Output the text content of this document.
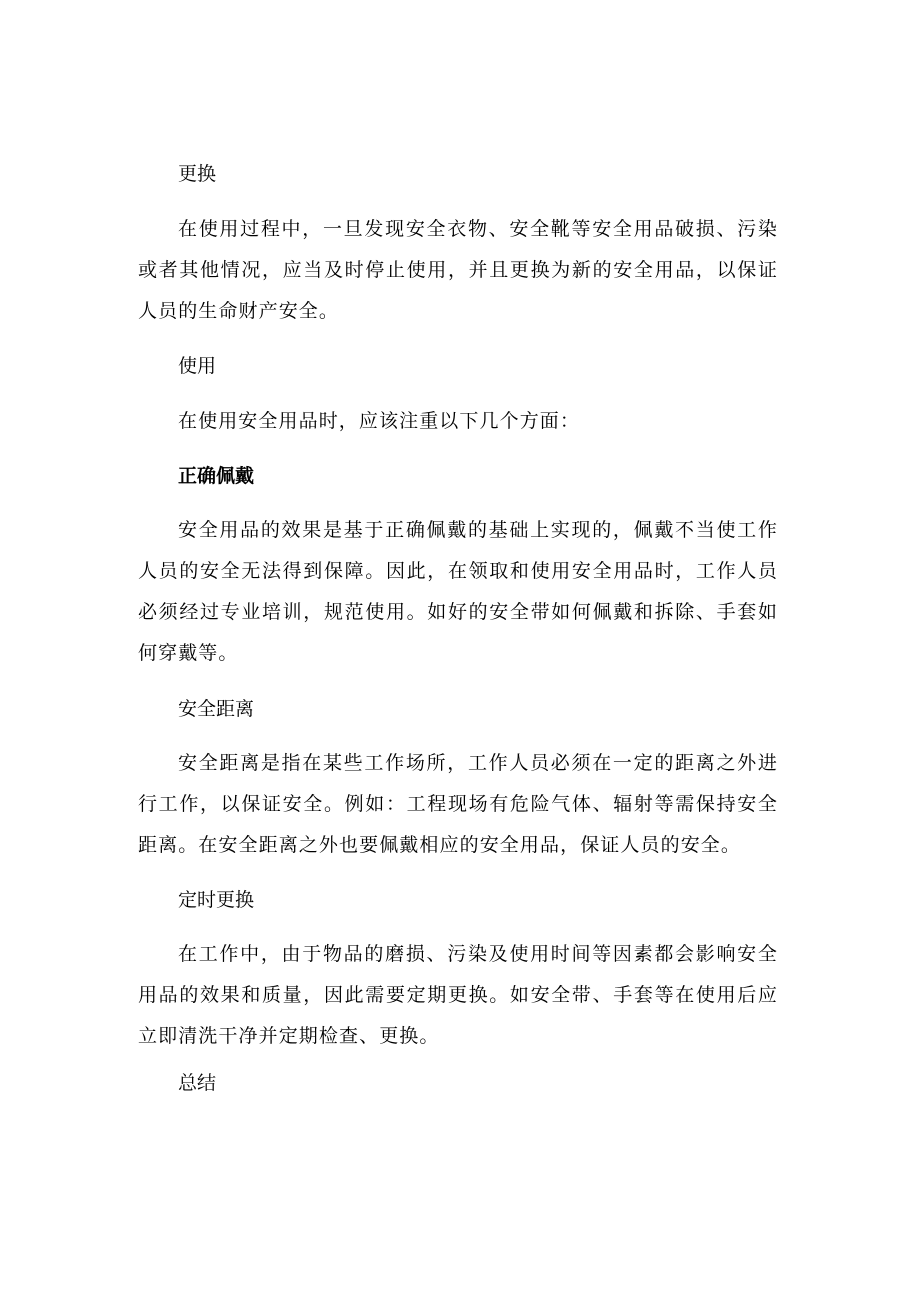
更换

在使用过程中，一旦发现安全衣物、安全靴等安全用品破损、污染或者其他情况，应当及时停止使用，并且更换为新的安全用品，以保证人员的生命财产安全。

使用

在使用安全用品时，应该注重以下几个方面：

正确佩戴

安全用品的效果是基于正确佩戴的基础上实现的，佩戴不当使工作人员的安全无法得到保障。因此，在领取和使用安全用品时，工作人员必须经过专业培训，规范使用。如好的安全带如何佩戴和拆除、手套如何穿戴等。

安全距离

安全距离是指在某些工作场所，工作人员必须在一定的距离之外进行工作，以保证安全。例如：工程现场有危险气体、辐射等需保持安全距离。在安全距离之外也要佩戴相应的安全用品，保证人员的安全。

定时更换

在工作中，由于物品的磨损、污染及使用时间等因素都会影响安全用品的效果和质量，因此需要定期更换。如安全带、手套等在使用后应立即清洗干净并定期检查、更换。

总结
